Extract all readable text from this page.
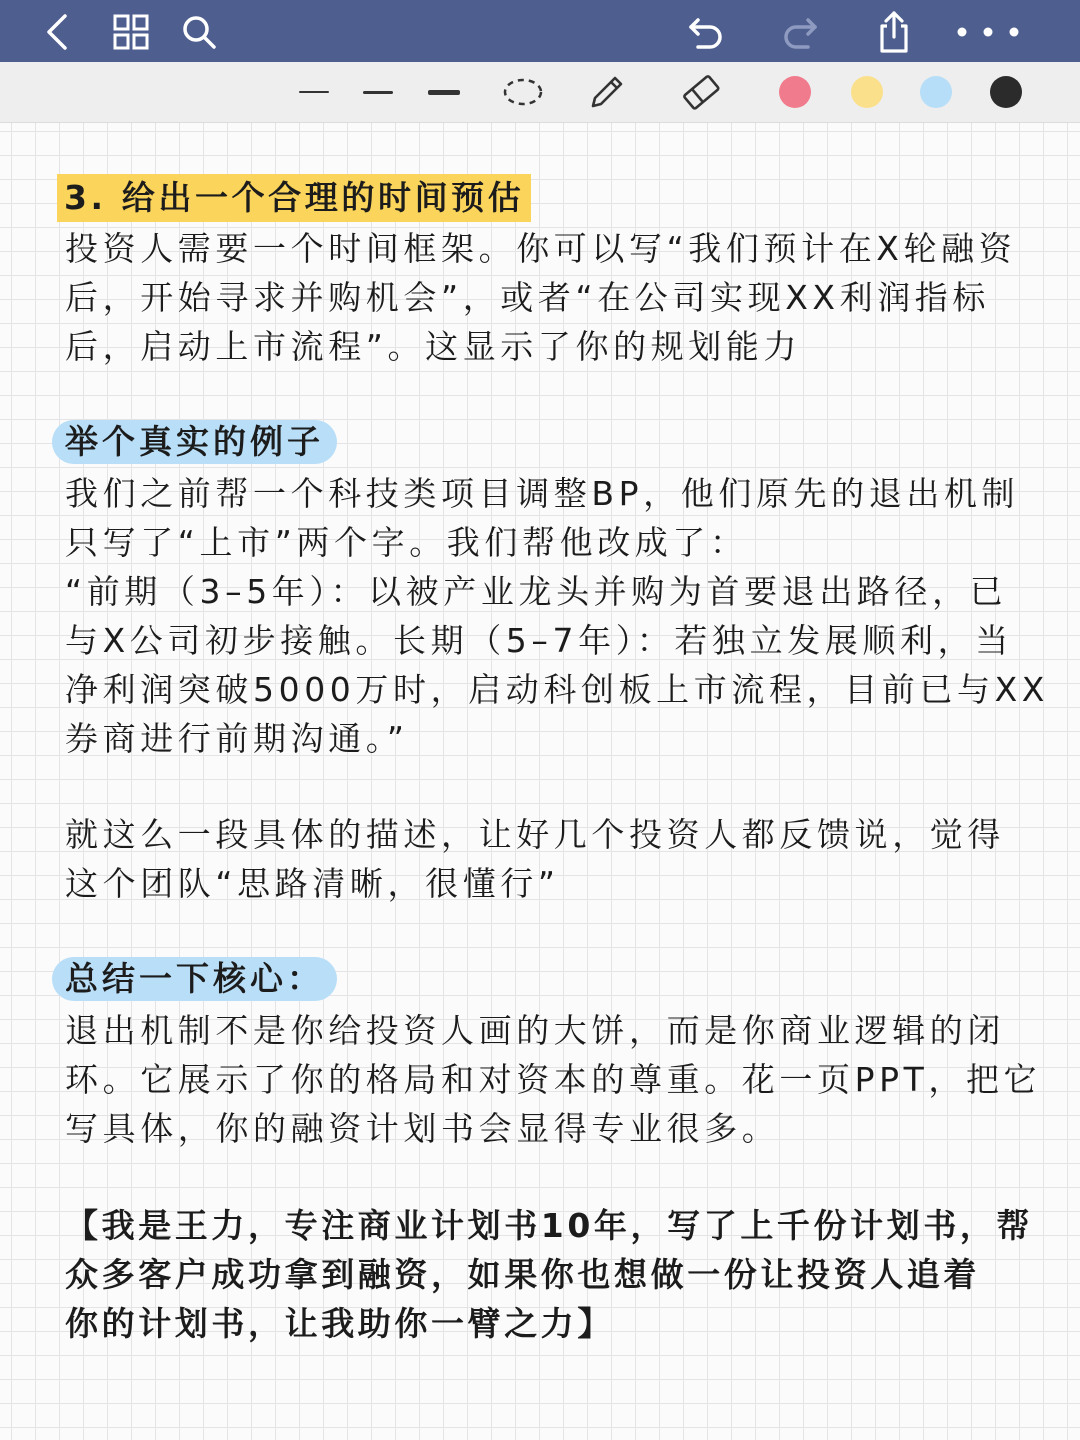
3. 给出一个合理的时间预估

投资人需要一个时间框架。你可以写“我们预计在X轮融资
后，开始寻求并购机会”，或者“在公司实现XX利润指标
后，启动上市流程”。这显示了你的规划能力

举个真实的例子

我们之前帮一个科技类项目调整BP，他们原先的退出机制
只写了“上市”两个字。我们帮他改成了：
“前期（3–5年）：以被产业龙头并购为首要退出路径，已
与X公司初步接触。长期（5–7年）：若独立发展顺利，当
净利润突破5000万时，启动科创板上市流程，目前已与XX
券商进行前期沟通。”

就这么一段具体的描述，让好几个投资人都反馈说，觉得
这个团队“思路清晰，很懂行”

总结一下核心：

退出机制不是你给投资人画的大饼，而是你商业逻辑的闭
环。它展示了你的格局和对资本的尊重。花一页PPT，把它
写具体，你的融资计划书会显得专业很多。

【我是王力，专注商业计划书10年，写了上千份计划书，帮
众多客户成功拿到融资，如果你也想做一份让投资人追着
你的计划书，让我助你一臂之力】
